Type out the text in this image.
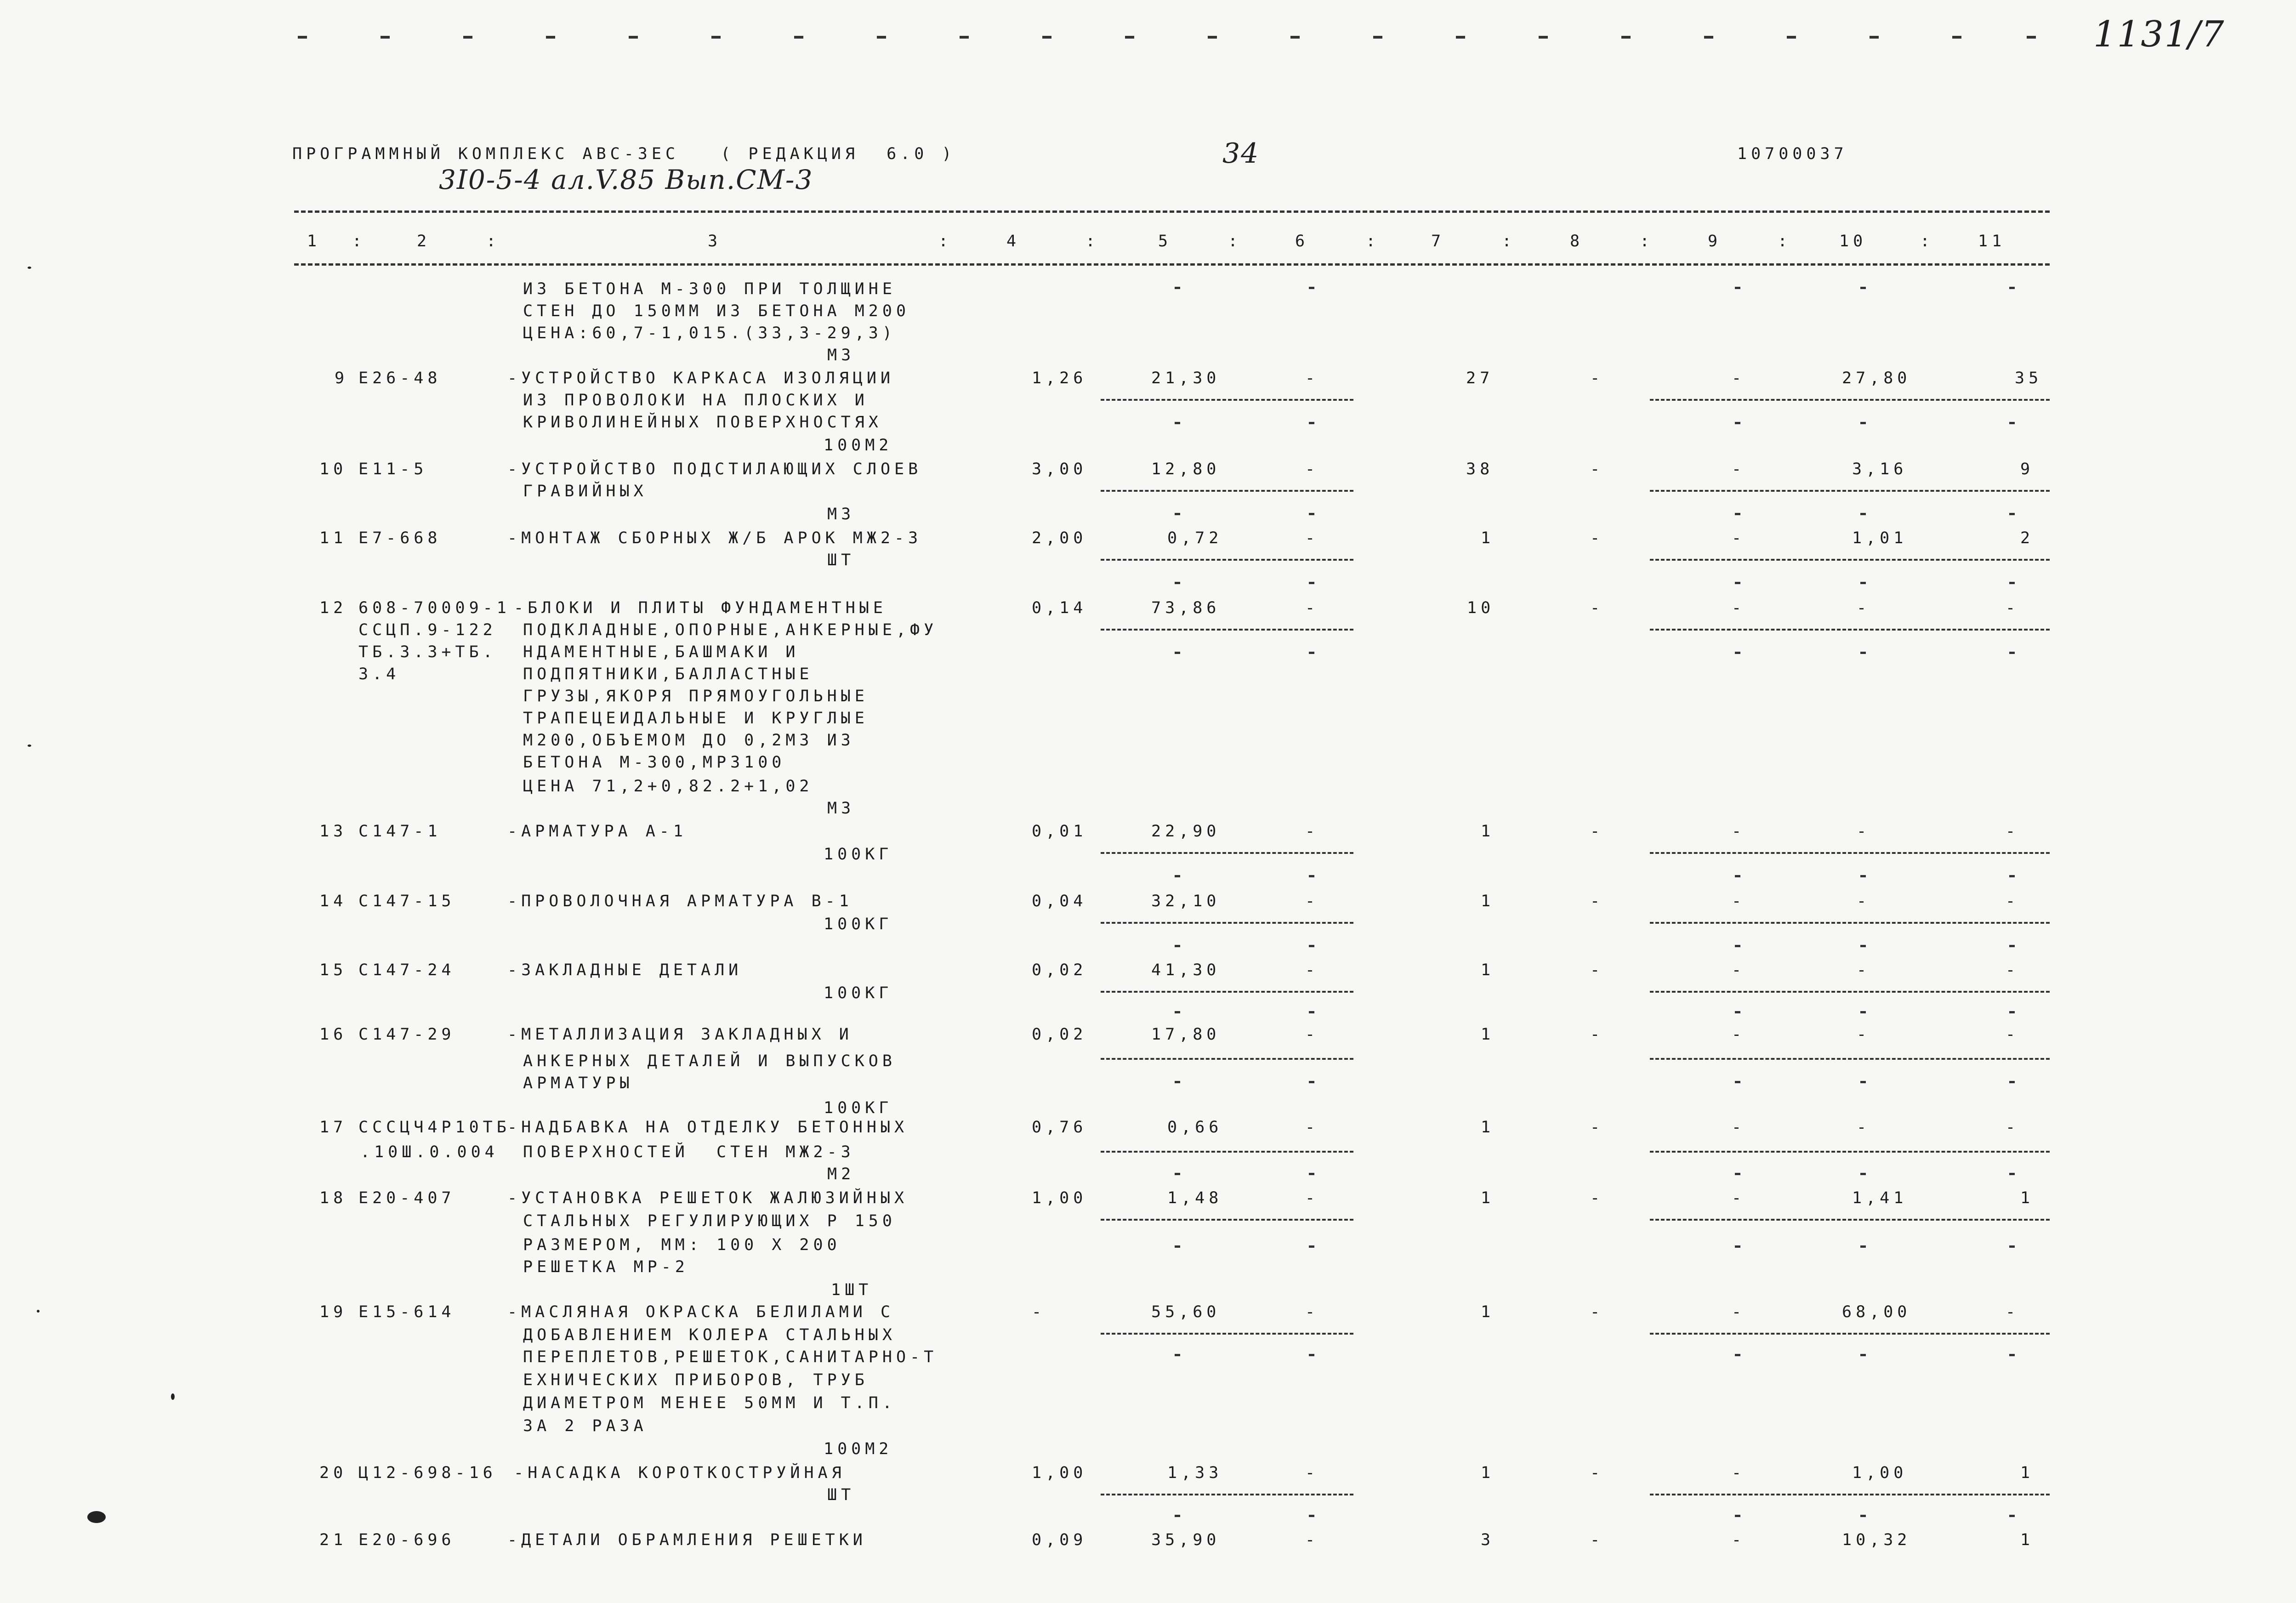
1131/7
ПРОГРАММНЫЙ КОМПЛЕКС АВС-ЗЕС   ( РЕДАКЦИЯ  6.0 )	34	10700037
3I0-5-4 ал.V.85 Вып.СМ-3
1 :	2	:	3	:	4	:	5	:	6	:	7	:	8	:	9	:	10	:	11
ИЗ БЕТОНА М-300 ПРИ ТОЛЩИНЕ
СТЕН ДО 150ММ ИЗ БЕТОНА М200
ЦЕНА:60,7-1,015.(33,3-29,3)
М3
9 Е26-48	-УСТРОЙСТВО КАРКАСА ИЗОЛЯЦИИ
ИЗ ПРОВОЛОКИ НА ПЛОСКИХ И
КРИВОЛИНЕЙНЫХ ПОВЕРХНОСТЯХ
100М2
1,26	21,30	-	27	-	-	27,80	35
10 Е11-5	-УСТРОЙСТВО ПОДСТИЛАЮЩИХ СЛОЕВ
ГРАВИЙНЫХ
М3
3,00	12,80	-	38	-	-	3,16	9
11 Е7-668	-МОНТАЖ СБОРНЫХ Ж/Б АРОК МЖ2-3
ШТ
2,00	0,72	-	1	-	-	1,01	2
12 608-70009-1
ССЦП.9-122
ТБ.3.3+ТБ.
3.4
-БЛОКИ И ПЛИТЫ ФУНДАМЕНТНЫЕ
ПОДКЛАДНЫЕ,ОПОРНЫЕ,АНКЕРНЫЕ,ФУ
НДАМЕНТНЫЕ,БАШМАКИ И
ПОДПЯТНИКИ,БАЛЛАСТНЫЕ
ГРУЗЫ,ЯКОРЯ ПРЯМОУГОЛЬНЫЕ
ТРАПЕЦЕИДАЛЬНЫЕ И КРУГЛЫЕ
М200,ОБЪЕМОМ ДО 0,2М3 ИЗ
БЕТОНА М-300,МРЗ100
ЦЕНА 71,2+0,82.2+1,02
М3
0,14	73,86	-	10	-	-	-	-
13 С147-1	-АРМАТУРА А-1
100КГ
0,01	22,90	-	1	-	-	-	-
14 С147-15	-ПРОВОЛОЧНАЯ АРМАТУРА В-1
100КГ
0,04	32,10	-	1	-	-	-	-
15 С147-24	-ЗАКЛАДНЫЕ ДЕТАЛИ
100КГ
0,02	41,30	-	1	-	-	-	-
16 С147-29	-МЕТАЛЛИЗАЦИЯ ЗАКЛАДНЫХ И
АНКЕРНЫХ ДЕТАЛЕЙ И ВЫПУСКОВ
АРМАТУРЫ
100КГ
0,02	17,80	-	1	-	-	-	-
17 СССЦЧ4Р10ТБ
.10Ш.0.004
-НАДБАВКА НА ОТДЕЛКУ БЕТОННЫХ
ПОВЕРХНОСТЕЙ  СТЕН МЖ2-3
М2
0,76	0,66	-	1	-	-	-	-
18 Е20-407	-УСТАНОВКА РЕШЕТОК ЖАЛЮЗИЙНЫХ
СТАЛЬНЫХ РЕГУЛИРУЮЩИХ Р 150
РАЗМЕРОМ, ММ: 100 Х 200
РЕШЕТКА МР-2
1ШТ
1,00	1,48	-	1	-	-	1,41	1
19 Е15-614	-МАСЛЯНАЯ ОКРАСКА БЕЛИЛАМИ С
ДОБАВЛЕНИЕМ КОЛЕРА СТАЛЬНЫХ
ПЕРЕПЛЕТОВ,РЕШЕТОК,САНИТАРНО-Т
ЕХНИЧЕСКИХ ПРИБОРОВ, ТРУБ
ДИАМЕТРОМ МЕНЕЕ 50ММ И Т.П.
ЗА 2 РАЗА
100М2
-	55,60	-	1	-	-	68,00	-
20 Ц12-698-16 -НАСАДКА КОРОТКОСТРУЙНАЯ
ШТ
1,00	1,33	-	1	-	-	1,00	1
21 Е20-696	-ДЕТАЛИ ОБРАМЛЕНИЯ РЕШЕТКИ	0,09	35,90	-	3	-	-	10,32	1
